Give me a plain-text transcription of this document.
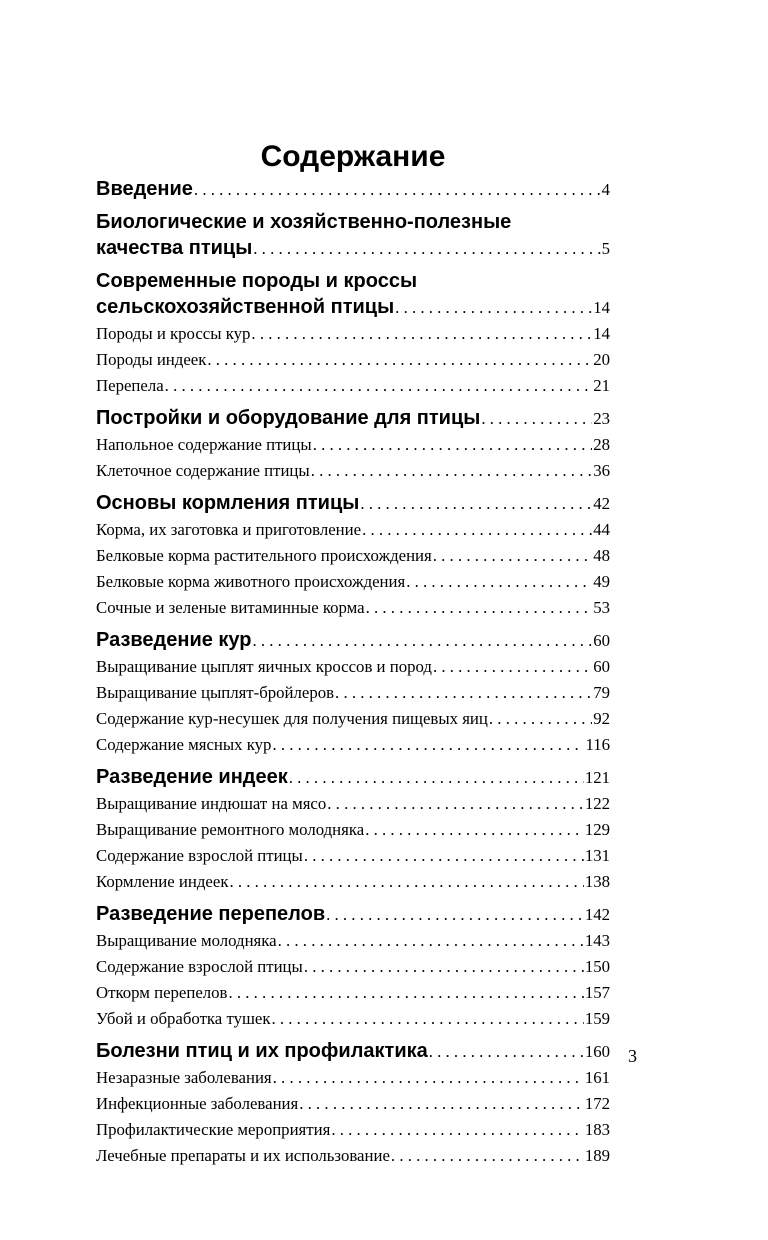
Содержание
Введение . . .	4
Биологические и хозяйственно-полезные
качества птицы . . .	5
Современные породы и кроссы
сельскохозяйственной птицы . . .	14
Породы и кроссы кур . . .	14
Породы индеек . . .	20
Перепела . . .	21
Постройки и оборудование для птицы . . .	23
Напольное содержание птицы . . .	28
Клеточное содержание птицы . . .	36
Основы кормления птицы . . .	42
Корма, их заготовка и приготовление . . .	44
Белковые корма растительного происхождения . . .	48
Белковые корма животного происхождения . . .	49
Сочные и зеленые витаминные корма . . .	53
Разведение кур . . .	60
Выращивание цыплят яичных кроссов и пород . . .	60
Выращивание цыплят-бройлеров . . .	79
Содержание кур-несушек для получения пищевых яиц . . .	92
Содержание мясных кур . . .	116
Разведение индеек . . .	121
Выращивание индюшат на мясо . . .	122
Выращивание ремонтного молодняка . . .	129
Содержание взрослой птицы . . .	131
Кормление индеек . . .	138
Разведение перепелов . . .	142
Выращивание молодняка . . .	143
Содержание взрослой птицы . . .	150
Откорм перепелов . . .	157
Убой и обработка тушек . . .	159
Болезни птиц и их профилактика . . .	160
Незаразные заболевания . . .	161
Инфекционные заболевания . . .	172
Профилактические мероприятия . . .	183
Лечебные препараты и их использование . . .	189
3
